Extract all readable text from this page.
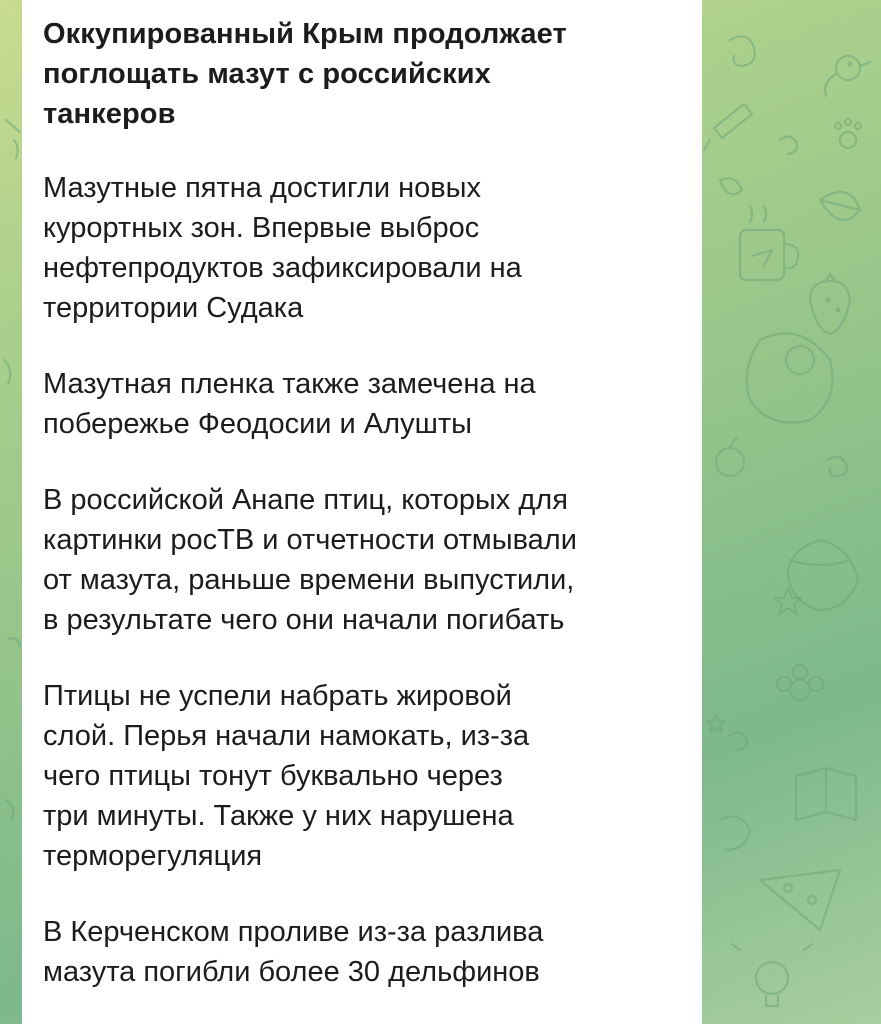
Оккупированный Крым продолжает
поглощать мазут с российских
танкеров
Мазутные пятна достигли новых
курортных зон. Впервые выброс
нефтепродуктов зафиксировали на
территории Судака
Мазутная пленка также замечена на
побережье Феодосии и Алушты
В российской Анапе птиц, которых для
картинки росТВ и отчетности отмывали
от мазута, раньше времени выпустили,
в результате чего они начали погибать
Птицы не успели набрать жировой
слой. Перья начали намокать, из-за
чего птицы тонут буквально через
три минуты. Также у них нарушена
терморегуляция
В Керченском проливе из-за разлива
мазута погибли более 30 дельфинов
